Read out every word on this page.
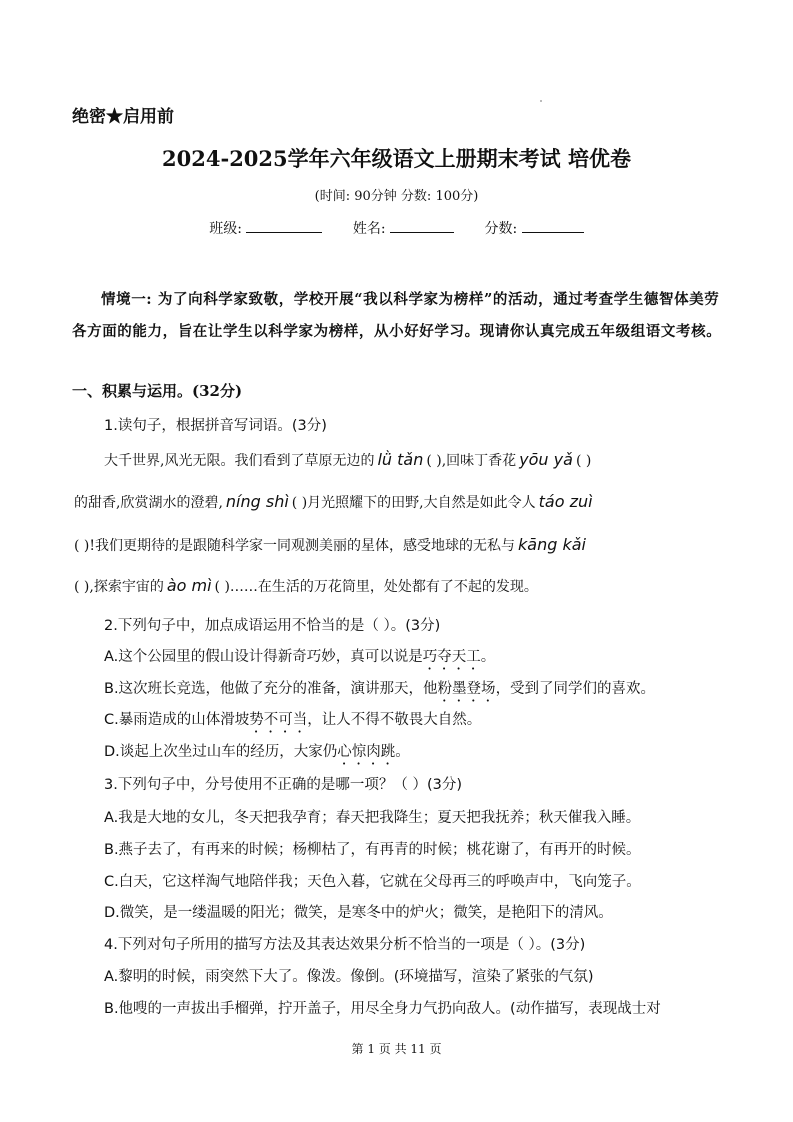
绝密★启用前
2024-2025学年六年级语文上册期末考试 培优卷
(时间: 90分钟 分数: 100分)
班级:	姓名:	分数:
情境一: 为了向科学家致敬，学校开展“我以科学家为榜样”的活动，通过考查学生德智体美劳各方面的能力，旨在让学生以科学家为榜样，从小好好学习。现请你认真完成五年级组语文考核。
一、积累与运用。(32分)
1.读句子，根据拼音写词语。(3分)
大千世界,风光无限。我们看到了草原无边的 lǜ tǎn ( ),回味丁香花 yōu yǎ ( )
的甜香,欣赏湖水的澄碧, níng shì ( )月光照耀下的田野,大自然是如此令人 táo zuì
( )!我们更期待的是跟随科学家一同观测美丽的星体，感受地球的无私与 kāng kǎi
( ),探索宇宙的 ào mì ( )……在生活的万花筒里，处处都有了不起的发现。
2.下列句子中，加点成语运用不恰当的是（ ）。(3分)
A.这个公园里的假山设计得新奇巧妙，真可以说是巧夺天工。
B.这次班长竞选，他做了充分的准备，演讲那天，他粉墨登场，受到了同学们的喜欢。
C.暴雨造成的山体滑坡势不可当，让人不得不敬畏大自然。
D.谈起上次坐过山车的经历，大家仍心惊肉跳。
3.下列句子中，分号使用不正确的是哪一项？（ ）(3分)
A.我是大地的女儿，冬天把我孕育；春天把我降生；夏天把我抚养；秋天催我入睡。
B.燕子去了，有再来的时候；杨柳枯了，有再青的时候；桃花谢了，有再开的时候。
C.白天，它这样淘气地陪伴我；天色入暮，它就在父母再三的呼唤声中，飞向笼子。
D.微笑，是一缕温暖的阳光；微笑，是寒冬中的炉火；微笑，是艳阳下的清风。
4.下列对句子所用的描写方法及其表达效果分析不恰当的一项是（ ）。(3分)
A.黎明的时候，雨突然下大了。像泼。像倒。(环境描写，渲染了紧张的气氛)
B.他嗖的一声拔出手榴弹，拧开盖子，用尽全身力气扔向敌人。(动作描写，表现战士对
第 1 页 共 11 页
